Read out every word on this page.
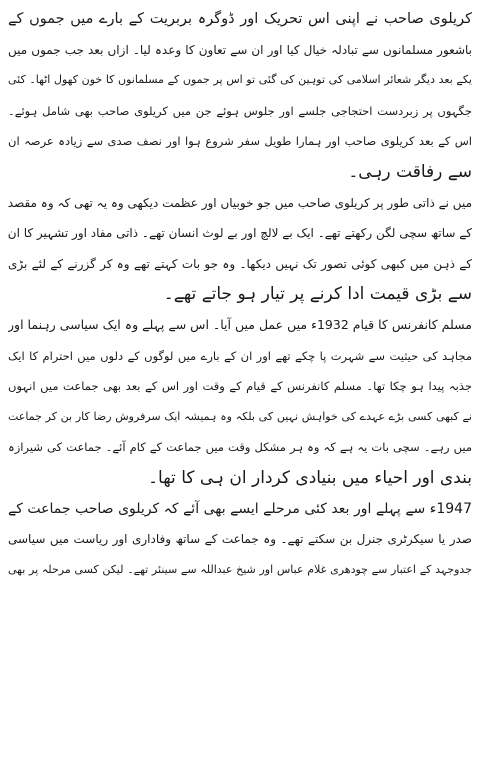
کریلوی صاحب نے اپنی اس تحریک اور ڈوگرہ بربریت کے بارے میں جموں کے
باشعور مسلمانوں سے تبادلہ خیال کیا اور ان سے تعاون کا وعدہ لیا۔ ازاں بعد جب جموں میں
یکے بعد دیگر شعائر اسلامی کی توہین کی گئی تو اس پر جموں کے مسلمانوں کا خون کھول اٹھا۔ کئی
جگہوں پر زبردست احتجاجی جلسے اور جلوس ہوئے جن میں کریلوی صاحب بھی شامل ہوئے۔
اس کے بعد کریلوی صاحب اور ہمارا طویل سفر شروع ہوا اور نصف صدی سے زیادہ عرصہ ان
سے رفاقت رہی۔
میں نے ذاتی طور پر کریلوی صاحب میں جو خوبیاں اور عظمت دیکھی وہ یہ تھی کہ وہ مقصد
کے ساتھ سچی لگن رکھتے تھے۔ ایک بے لالچ اور بے لوث انسان تھے۔ ذاتی مفاد اور تشہیر کا ان
کے ذہن میں کبھی کوئی تصور تک نہیں دیکھا۔ وہ جو بات کہتے تھے وہ کر گزرنے کے لئے بڑی
سے بڑی قیمت ادا کرنے پر تیار ہو جاتے تھے۔
مسلم کانفرنس کا قیام 1932ء میں عمل میں آیا۔ اس سے پہلے وہ ایک سیاسی رہنما اور
مجاہد کی حیثیت سے شہرت پا چکے تھے اور ان کے بارے میں لوگوں کے دلوں میں احترام کا ایک
جذبہ پیدا ہو چکا تھا۔ مسلم کانفرنس کے قیام کے وقت اور اس کے بعد بھی جماعت میں انہوں
نے کبھی کسی بڑے عہدے کی خواہش نہیں کی بلکہ وہ ہمیشہ ایک سرفروش رضا کار بن کر جماعت
میں رہے۔ سچی بات یہ ہے کہ وہ ہر مشکل وقت میں جماعت کے کام آئے۔ جماعت کی شیرازہ
بندی اور احیاء میں بنیادی کردار ان ہی کا تھا۔
1947ء سے پہلے اور بعد کئی مرحلے ایسے بھی آئے کہ کریلوی صاحب جماعت کے
صدر یا سیکرٹری جنرل بن سکتے تھے۔ وہ جماعت کے ساتھ وفاداری اور ریاست میں سیاسی
جدوجہد کے اعتبار سے چودھری غلام عباس اور شیخ عبداللہ سے سینئر تھے۔ لیکن کسی مرحلہ پر بھی
